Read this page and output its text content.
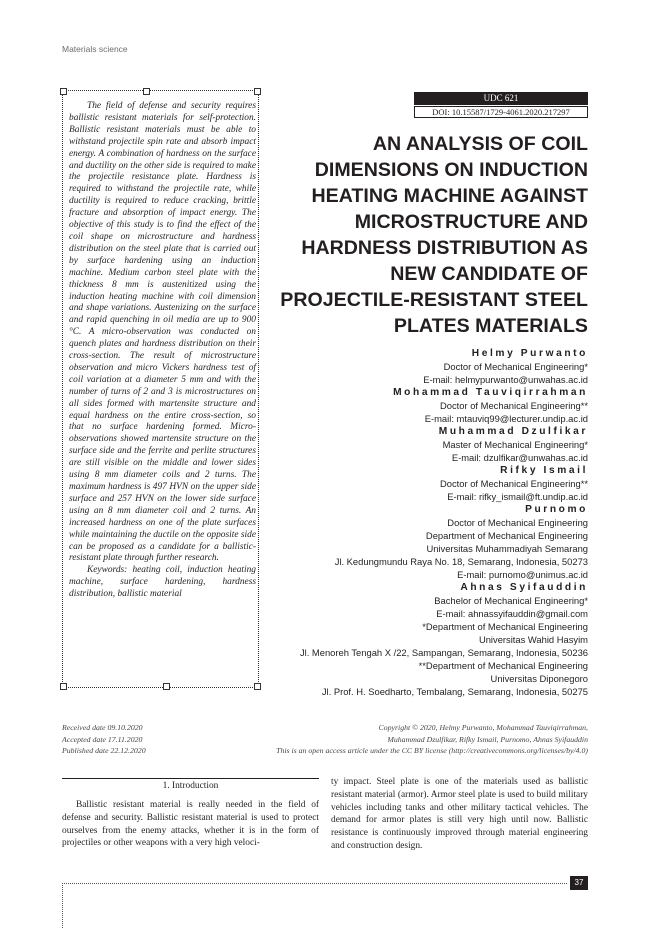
Materials science

The field of defense and security requires ballistic resistant materials for self-protection. Ballistic resistant materials must be able to withstand projectile spin rate and absorb impact energy. A combination of hardness on the surface and ductility on the other side is required to make the projectile resistance plate. Hardness is required to withstand the projectile rate, while ductility is required to reduce cracking, brittle fracture and absorption of impact energy. The objective of this study is to find the effect of the coil shape on microstructure and hardness distribution on the steel plate that is carried out by surface hardening using an induction machine. Medium carbon steel plate with the thickness 8 mm is austenitized using the induction heating machine with coil dimension and shape variations. Austenizing on the surface and rapid quenching in oil media are up to 900 °C. A micro-observation was conducted on quench plates and hardness distribution on their cross-section. The result of microstructure observation and micro Vickers hardness test of coil variation at a diameter 5 mm and with the number of turns of 2 and 3 is microstructures on all sides formed with martensite structure and equal hardness on the entire cross-section, so that no surface hardening formed. Micro-observations showed martensite structure on the surface side and the ferrite and perlite structures are still visible on the middle and lower sides using 8 mm diameter coils and 2 turns. The maximum hardness is 497 HVN on the upper side surface and 257 HVN on the lower side surface using an 8 mm diameter coil and 2 turns. An increased hardness on one of the plate surfaces while maintaining the ductile on the opposite side can be proposed as a candidate for a ballistic-resistant plate through further research.

Keywords: heating coil, induction heating machine, surface hardening, hardness distribution, ballistic material

UDC 621
DOI: 10.15587/1729-4061.2020.217297
AN ANALYSIS OF COIL DIMENSIONS ON INDUCTION HEATING MACHINE AGAINST MICROSTRUCTURE AND HARDNESS DISTRIBUTION AS NEW CANDIDATE OF PROJECTILE-RESISTANT STEEL PLATES MATERIALS
Helmy Purwanto
Doctor of Mechanical Engineering*
E-mail: helmypurwanto@unwahas.ac.id
Mohammad Tauviqirrahman
Doctor of Mechanical Engineering**
E-mail: mtauviq99@lecturer.undip.ac.id
Muhammad Dzulfikar
Master of Mechanical Engineering*
E-mail: dzulfikar@unwahas.ac.id
Rifky Ismail
Doctor of Mechanical Engineering**
E-mail: rifky_ismail@ft.undip.ac.id
Purnomo
Doctor of Mechanical Engineering
Department of Mechanical Engineering
Universitas Muhammadiyah Semarang
Jl. Kedungmundu Raya No. 18, Semarang, Indonesia, 50273
E-mail: purnomo@unimus.ac.id
Ahnas Syifauddin
Bachelor of Mechanical Engineering*
E-mail: ahnassyifauddin@gmail.com
*Department of Mechanical Engineering
Universitas Wahid Hasyim
Jl. Menoreh Tengah X /22, Sampangan, Semarang, Indonesia, 50236
**Department of Mechanical Engineering
Universitas Diponegoro
Jl. Prof. H. Soedharto, Tembalang, Semarang, Indonesia, 50275
Received date 09.10.2020
Accepted date 17.11.2020
Published date 22.12.2020
Copyright © 2020, Helmy Purwanto, Mohammad Tauviqirrahman,
Muhammad Dzulfikar, Rifky Ismail, Purnomo, Ahnas Syifauddin
This is an open access article under the CC BY license (http://creativecommons.org/licenses/by/4.0)
1. Introduction

Ballistic resistant material is really needed in the field of defense and security. Ballistic resistant material is used to protect ourselves from the enemy attacks, whether it is in the form of projectiles or other weapons with a very high veloci-

ty impact. Steel plate is one of the materials used as ballistic resistant material (armor). Armor steel plate is used to build military vehicles including tanks and other military tactical vehicles. The demand for armor plates is still very high until now. Ballistic resistance is continuously improved through material engineering and construction design.

37
